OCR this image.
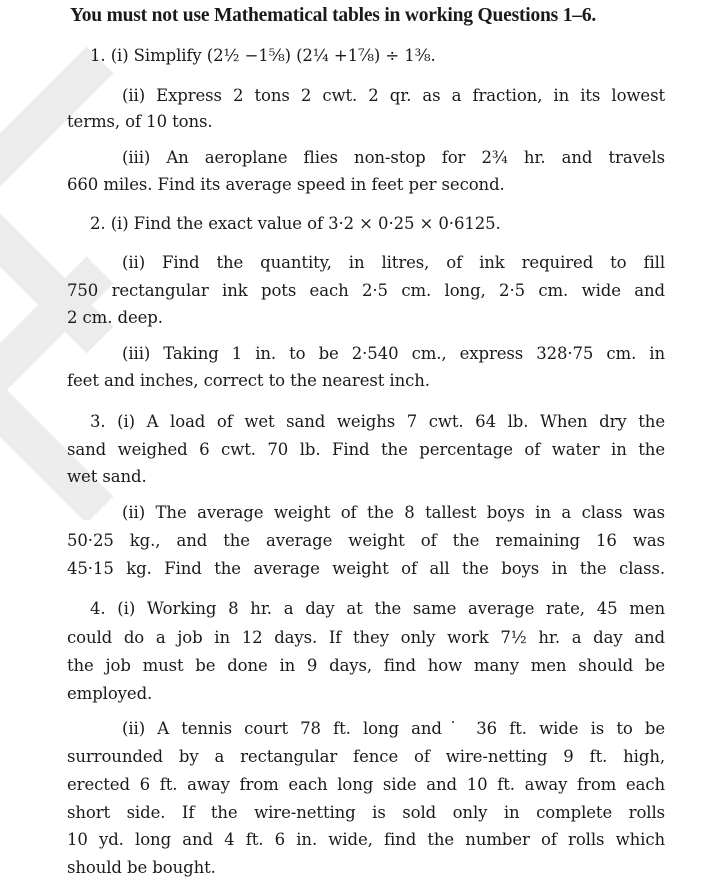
You must not use Mathematical tables in working Questions 1–6.
1. (i) Simplify (2½ −1⅝) (2¼ +1⅞) ÷ 1⅜.
(ii) Express 2 tons 2 cwt. 2 qr. as a fraction, in its lowest
terms, of 10 tons.
(iii) An aeroplane flies non-stop for 2¾ hr. and travels
660 miles. Find its average speed in feet per second.
2. (i) Find the exact value of 3·2 × 0·25 × 0·6125.
(ii) Find the quantity, in litres, of ink required to fill
750 rectangular ink pots each 2·5 cm. long, 2·5 cm. wide and
2 cm. deep.
(iii) Taking 1 in. to be 2·540 cm., express 328·75 cm. in
feet and inches, correct to the nearest inch.
3. (i) A load of wet sand weighs 7 cwt. 64 lb. When dry the
sand weighed 6 cwt. 70 lb. Find the percentage of water in the
wet sand.
(ii) The average weight of the 8 tallest boys in a class was
50·25 kg., and the average weight of the remaining 16 was
45·15 kg. Find the average weight of all the boys in the class.
4. (i) Working 8 hr. a day at the same average rate, 45 men
could do a job in 12 days. If they only work 7½ hr. a day and
the job must be done in 9 days, find how many men should be
employed.
(ii) A tennis court 78 ft. long and˙ 36 ft. wide is to be
surrounded by a rectangular fence of wire-netting 9 ft. high,
erected 6 ft. away from each long side and 10 ft. away from each
short side. If the wire-netting is sold only in complete rolls
10 yd. long and 4 ft. 6 in. wide, find the number of rolls which
should be bought.
